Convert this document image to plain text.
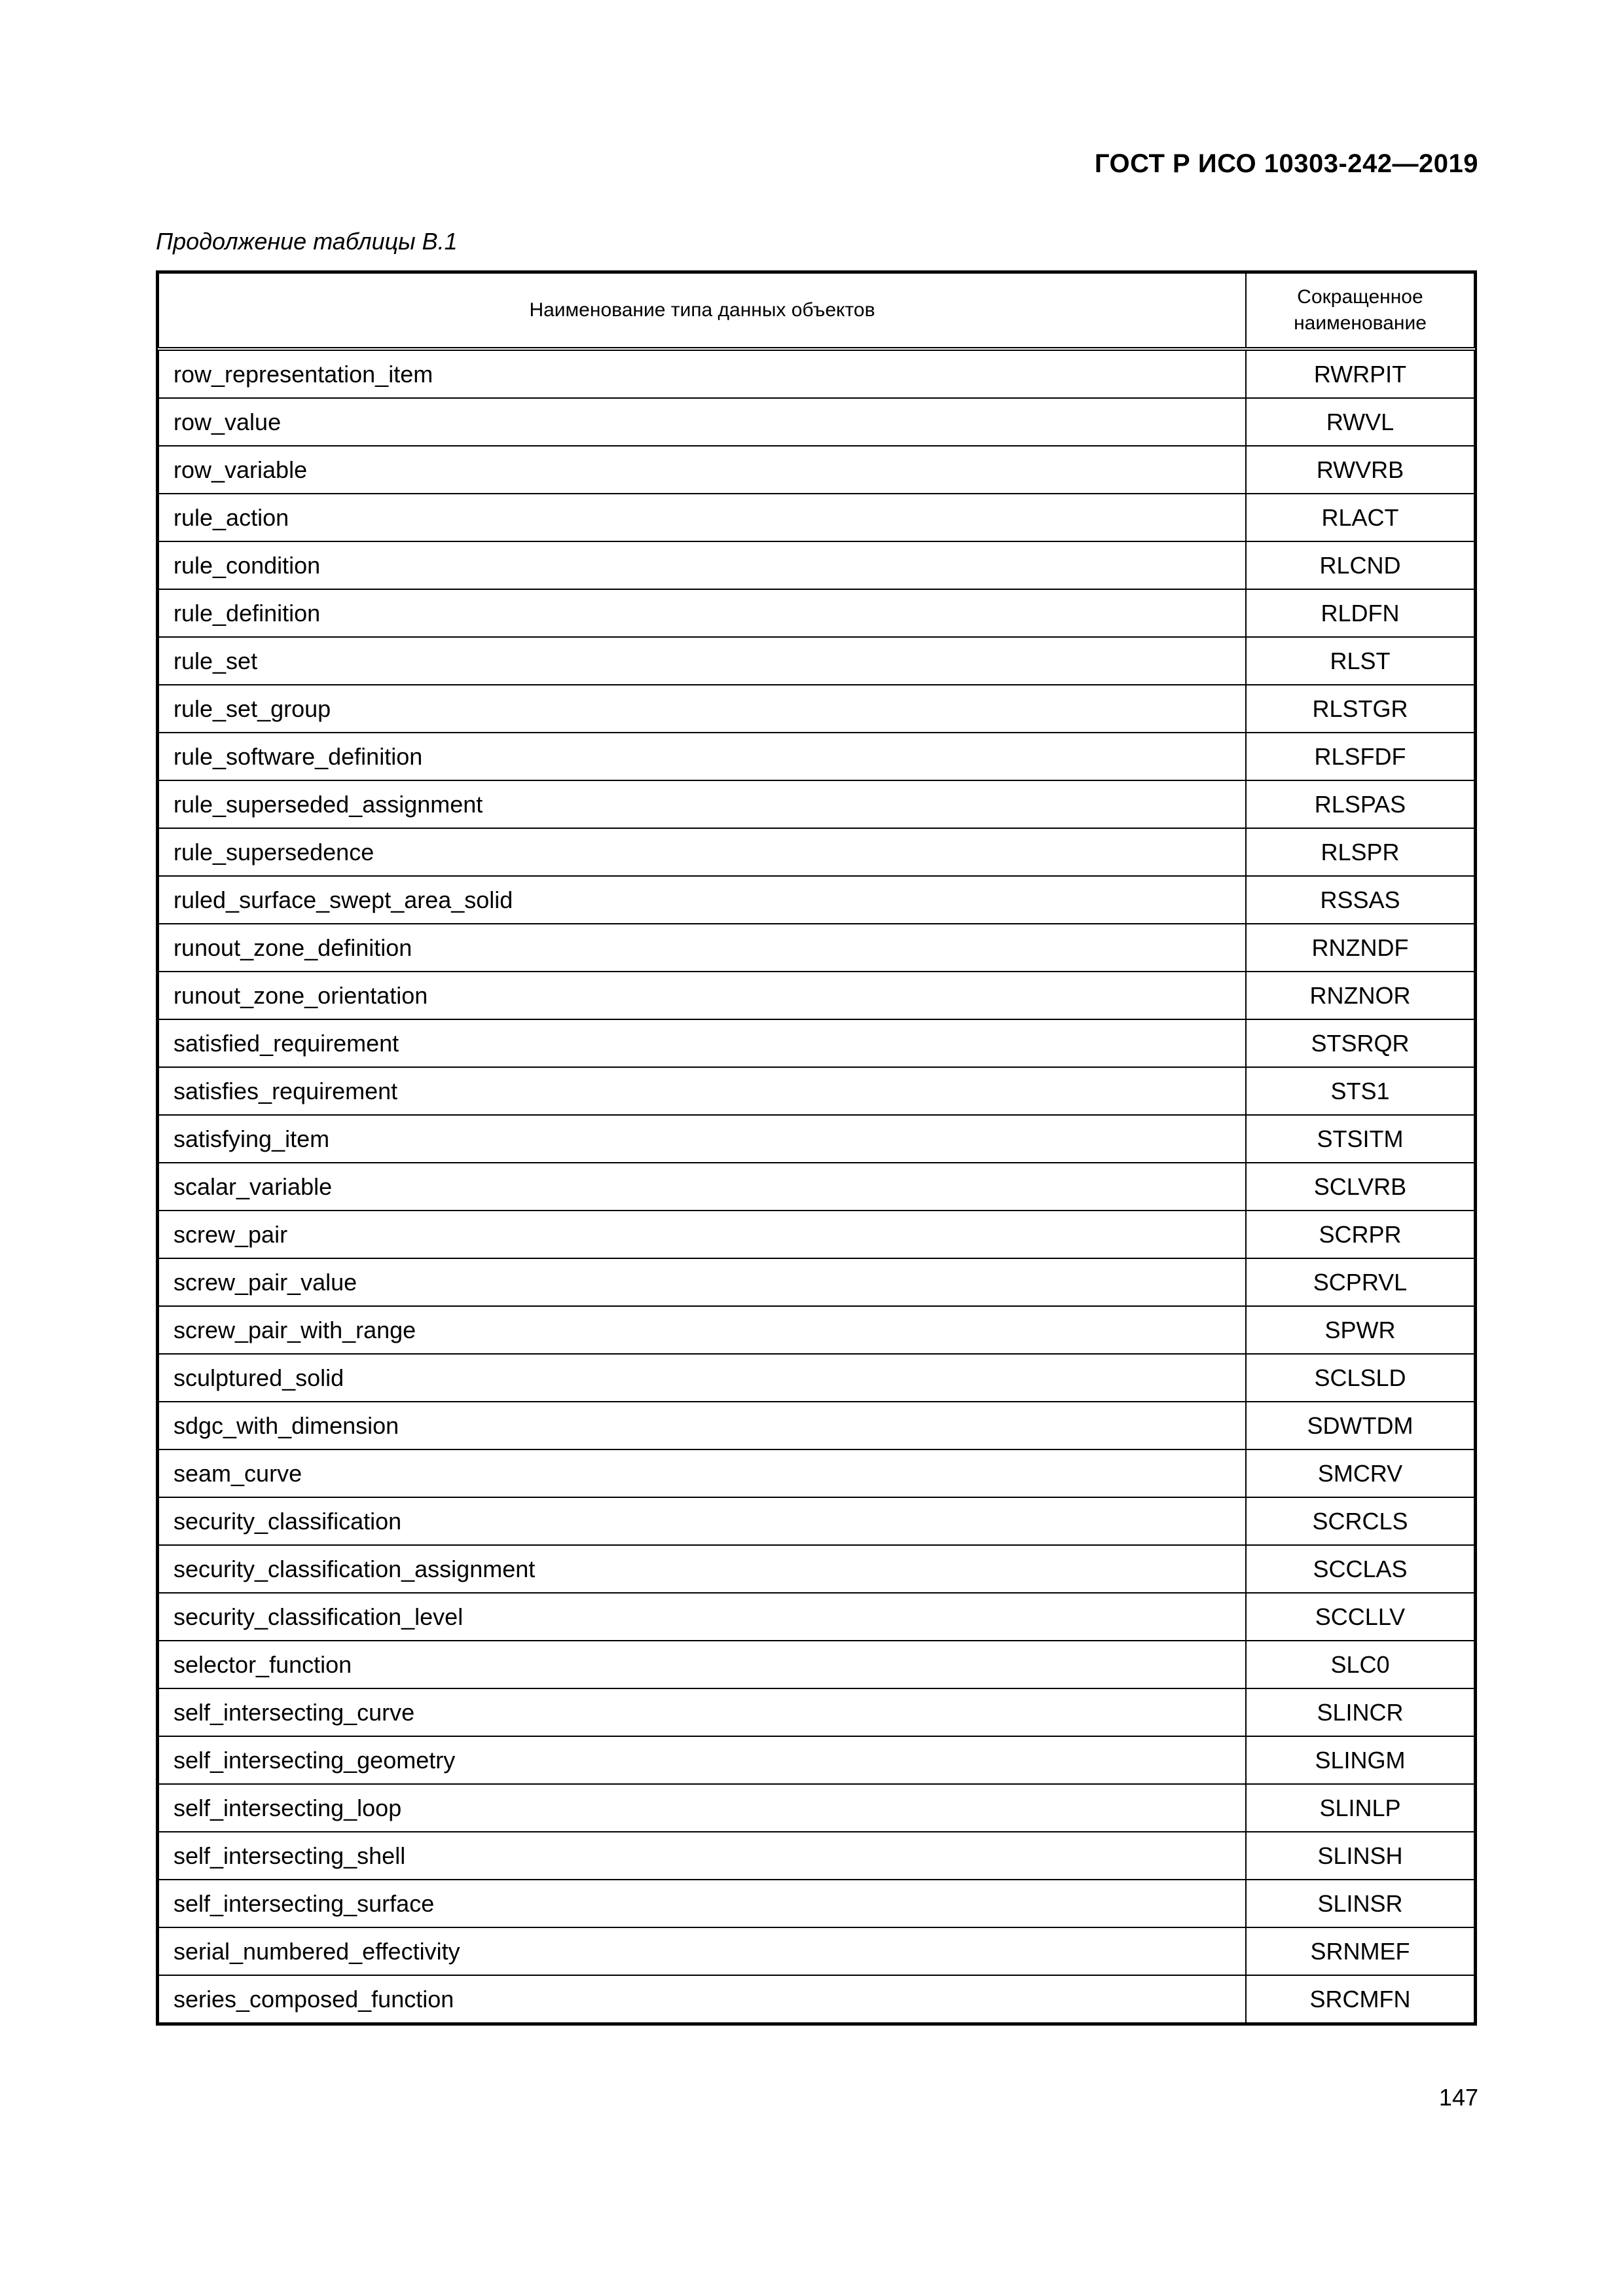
ГОСТ Р ИСО 10303-242—2019
Продолжение таблицы В.1
Наименование типа данных объектов	Сокращенное
наименование
row_representation_item	RWRPIT
row_value	RWVL
row_variable	RWVRB
rule_action	RLACT
rule_condition	RLCND
rule_definition	RLDFN
rule_set	RLST
rule_set_group	RLSTGR
rule_software_definition	RLSFDF
rule_superseded_assignment	RLSPAS
rule_supersedence	RLSPR
ruled_surface_swept_area_solid	RSSAS
runout_zone_definition	RNZNDF
runout_zone_orientation	RNZNOR
satisfied_requirement	STSRQR
satisfies_requirement	STS1
satisfying_item	STSITM
scalar_variable	SCLVRB
screw_pair	SCRPR
screw_pair_value	SCPRVL
screw_pair_with_range	SPWR
sculptured_solid	SCLSLD
sdgc_with_dimension	SDWTDM
seam_curve	SMCRV
security_classification	SCRCLS
security_classification_assignment	SCCLAS
security_classification_level	SCCLLV
selector_function	SLC0
self_intersecting_curve	SLINCR
self_intersecting_geometry	SLINGM
self_intersecting_loop	SLINLP
self_intersecting_shell	SLINSH
self_intersecting_surface	SLINSR
serial_numbered_effectivity	SRNMEF
series_composed_function	SRCMFN
147
